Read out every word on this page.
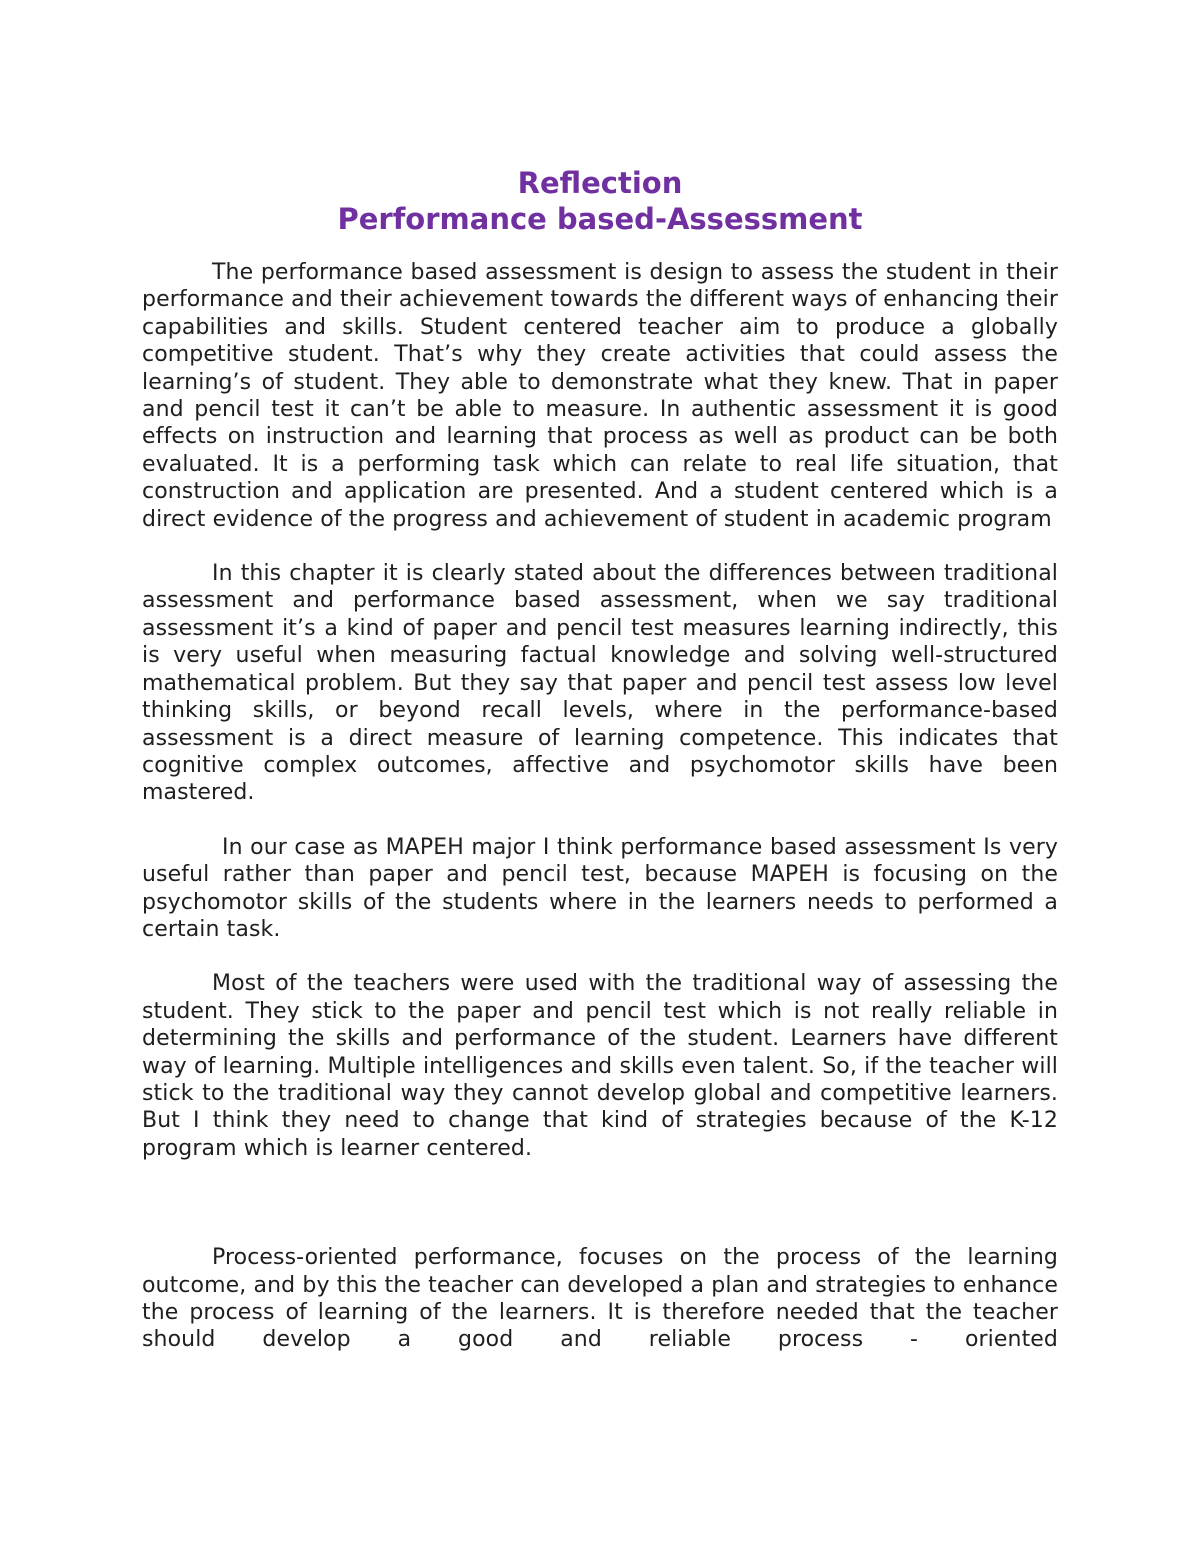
Reflection
Performance based-Assessment

The performance based assessment is design to assess the student in their performance and their achievement towards the different ways of enhancing their capabilities and skills. Student centered teacher aim to produce a globally competitive student. That’s why they create activities that could assess the learning’s of student. They able to demonstrate what they knew. That in paper and pencil test it can’t be able to measure. In authentic assessment it is good effects on instruction and learning that process as well as product can be both evaluated. It is a performing task which can relate to real life situation, that construction and application are presented. And a student centered which is a direct evidence of the progress and achievement of student in academic program

In this chapter it is clearly stated about the differences between traditional assessment and performance based assessment, when we say traditional assessment it’s a kind of paper and pencil test measures learning indirectly, this is very useful when measuring factual knowledge and solving well-structured mathematical problem. But they say that paper and pencil test assess low level thinking skills, or beyond recall levels, where in the performance-based assessment is a direct measure of learning competence. This indicates that cognitive complex outcomes, affective and psychomotor skills have been mastered.

In our case as MAPEH major I think performance based assessment Is very useful rather than paper and pencil test, because MAPEH is focusing on the psychomotor skills of the students where in the learners needs to performed a certain task.

Most of the teachers were used with the traditional way of assessing the student. They stick to the paper and pencil test which is not really reliable in determining the skills and performance of the student. Learners have different way of learning. Multiple intelligences and skills even talent. So, if the teacher will stick to the traditional way they cannot develop global and competitive learners. But I think they need to change that kind of strategies because of the K-12 program which is learner centered.

Process-oriented performance, focuses on the process of the learning outcome, and by this the teacher can developed a plan and strategies to enhance the process of learning of the learners. It is therefore needed that the teacher should develop a good and reliable process - oriented
